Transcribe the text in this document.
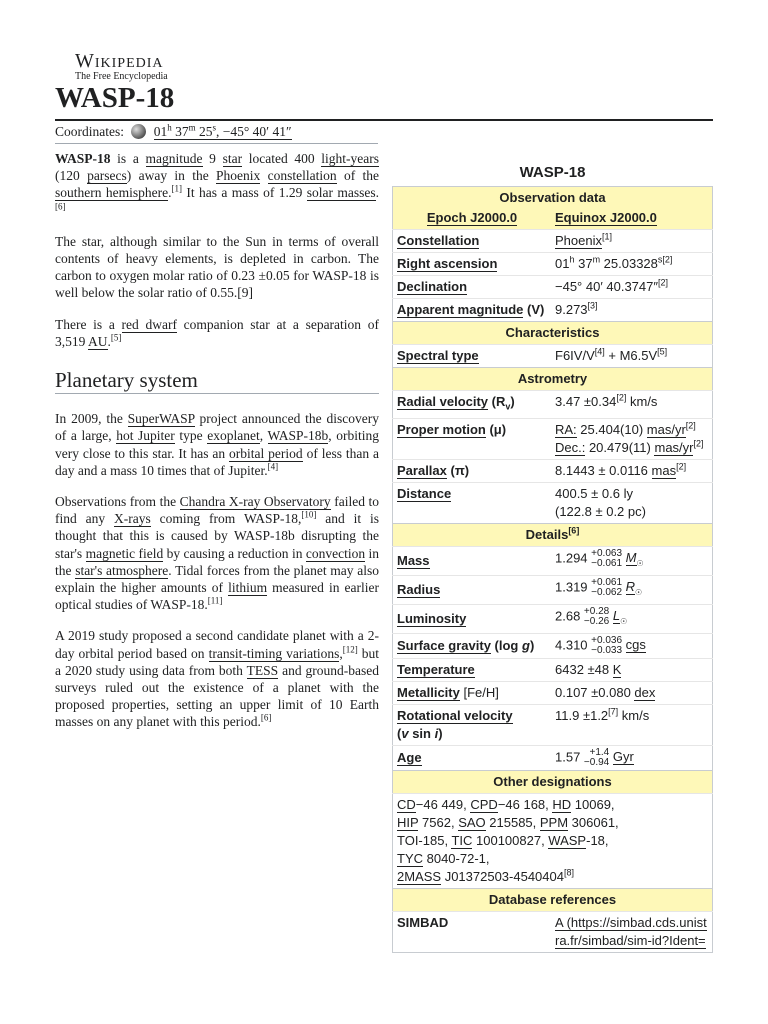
Wikipedia
The Free Encyclopedia
WASP-18
Coordinates: 01$^h$ 37$^m$ $25^s$, −45° 40′ 41″

WASP-18 is a magnitude 9 star located 400 light-years (120 parsecs) away in the Phoenix constellation of the southern hemisphere.[1] It has a mass of 1.29 solar masses.[6]

The star, although similar to the Sun in terms of overall contents of heavy elements, is depleted in carbon. The carbon to oxygen molar ratio of 0.23 ±0.05 for WASP-18 is well below the solar ratio of 0.55.[9]

There is a red dwarf companion star at a separation of 3,519 AU.[5]

Planetary system

In 2009, the SuperWASP project announced the discovery of a large, hot Jupiter type exoplanet, WASP-18b, orbiting very close to this star. It has an orbital period of less than a day and a mass 10 times that of Jupiter.[4]

Observations from the Chandra X-ray Observatory failed to find any X-rays coming from WASP-18,[10] and it is thought that this is caused by WASP-18b disrupting the star's magnetic field by causing a reduction in convection in the star's atmosphere. Tidal forces from the planet may also explain the higher amounts of lithium measured in earlier optical studies of WASP-18.[11]

A 2019 study proposed a second candidate planet with a 2-day orbital period based on transit-timing variations,[12] but a 2020 study using data from both TESS and ground-based surveys ruled out the existence of a planet with the proposed properties, setting an upper limit of 10 Earth masses on any planet with this period.[6]

WASP-18
Observation data	
Epoch J2000.0	Equinox J2000.0
Constellation	Phoenix[1]
Right ascension	01$^h$ 37$^m$ $25.03328^{s[2]}$
Declination	−45° 40′ 40.3747″[2]
Apparent magnitude (V)	9.273[3]
Characteristics	
Spectral type	F6IV/V[4] + M6.5V[5]
Astrometry	
Radial velocity $(R_v)$	3.47 ±0.34[2] km/s
Proper motion (μ)	RA: 25.404(10) mas/yr[2]
Dec.: 20.479(11) mas/yr[2]
Parallax (π)	8.1443 ± 0.0116 mas[2]
Distance	400.5 ± 0.6 ly
(122.8 ± 0.2 pc)
Details[6]
Mass	1.294 +0.063
−0.061 $M_☉$
Radius	1.319 +0.061
−0.062 $R_☉$
Luminosity	2.68 +0.28
−0.26 $L_☉$
Surface gravity (log g)	4.310 +0.036
−0.033 cgs
Temperature	6432 ±48 K
Metallicity [Fe/H]	0.107 ±0.080 dex
Rotational velocity
(v sin i)	11.9 ±1.2[7] km/s
Age	1.57   +1.4
−0.94 Gyr
Other designations	
CD−46 449, CPD−46 168, HD 10069,
HIP 7562, SAO 215585, PPM 306061,
TOI-185, TIC 100100827, WASP-18,
TYC 8040-72-1,
2MASS J01372503-4540404[8]
Database references	
SIMBAD	A (https://simbad.cds.unist
ra.fr/simbad/sim-id?Ident=
